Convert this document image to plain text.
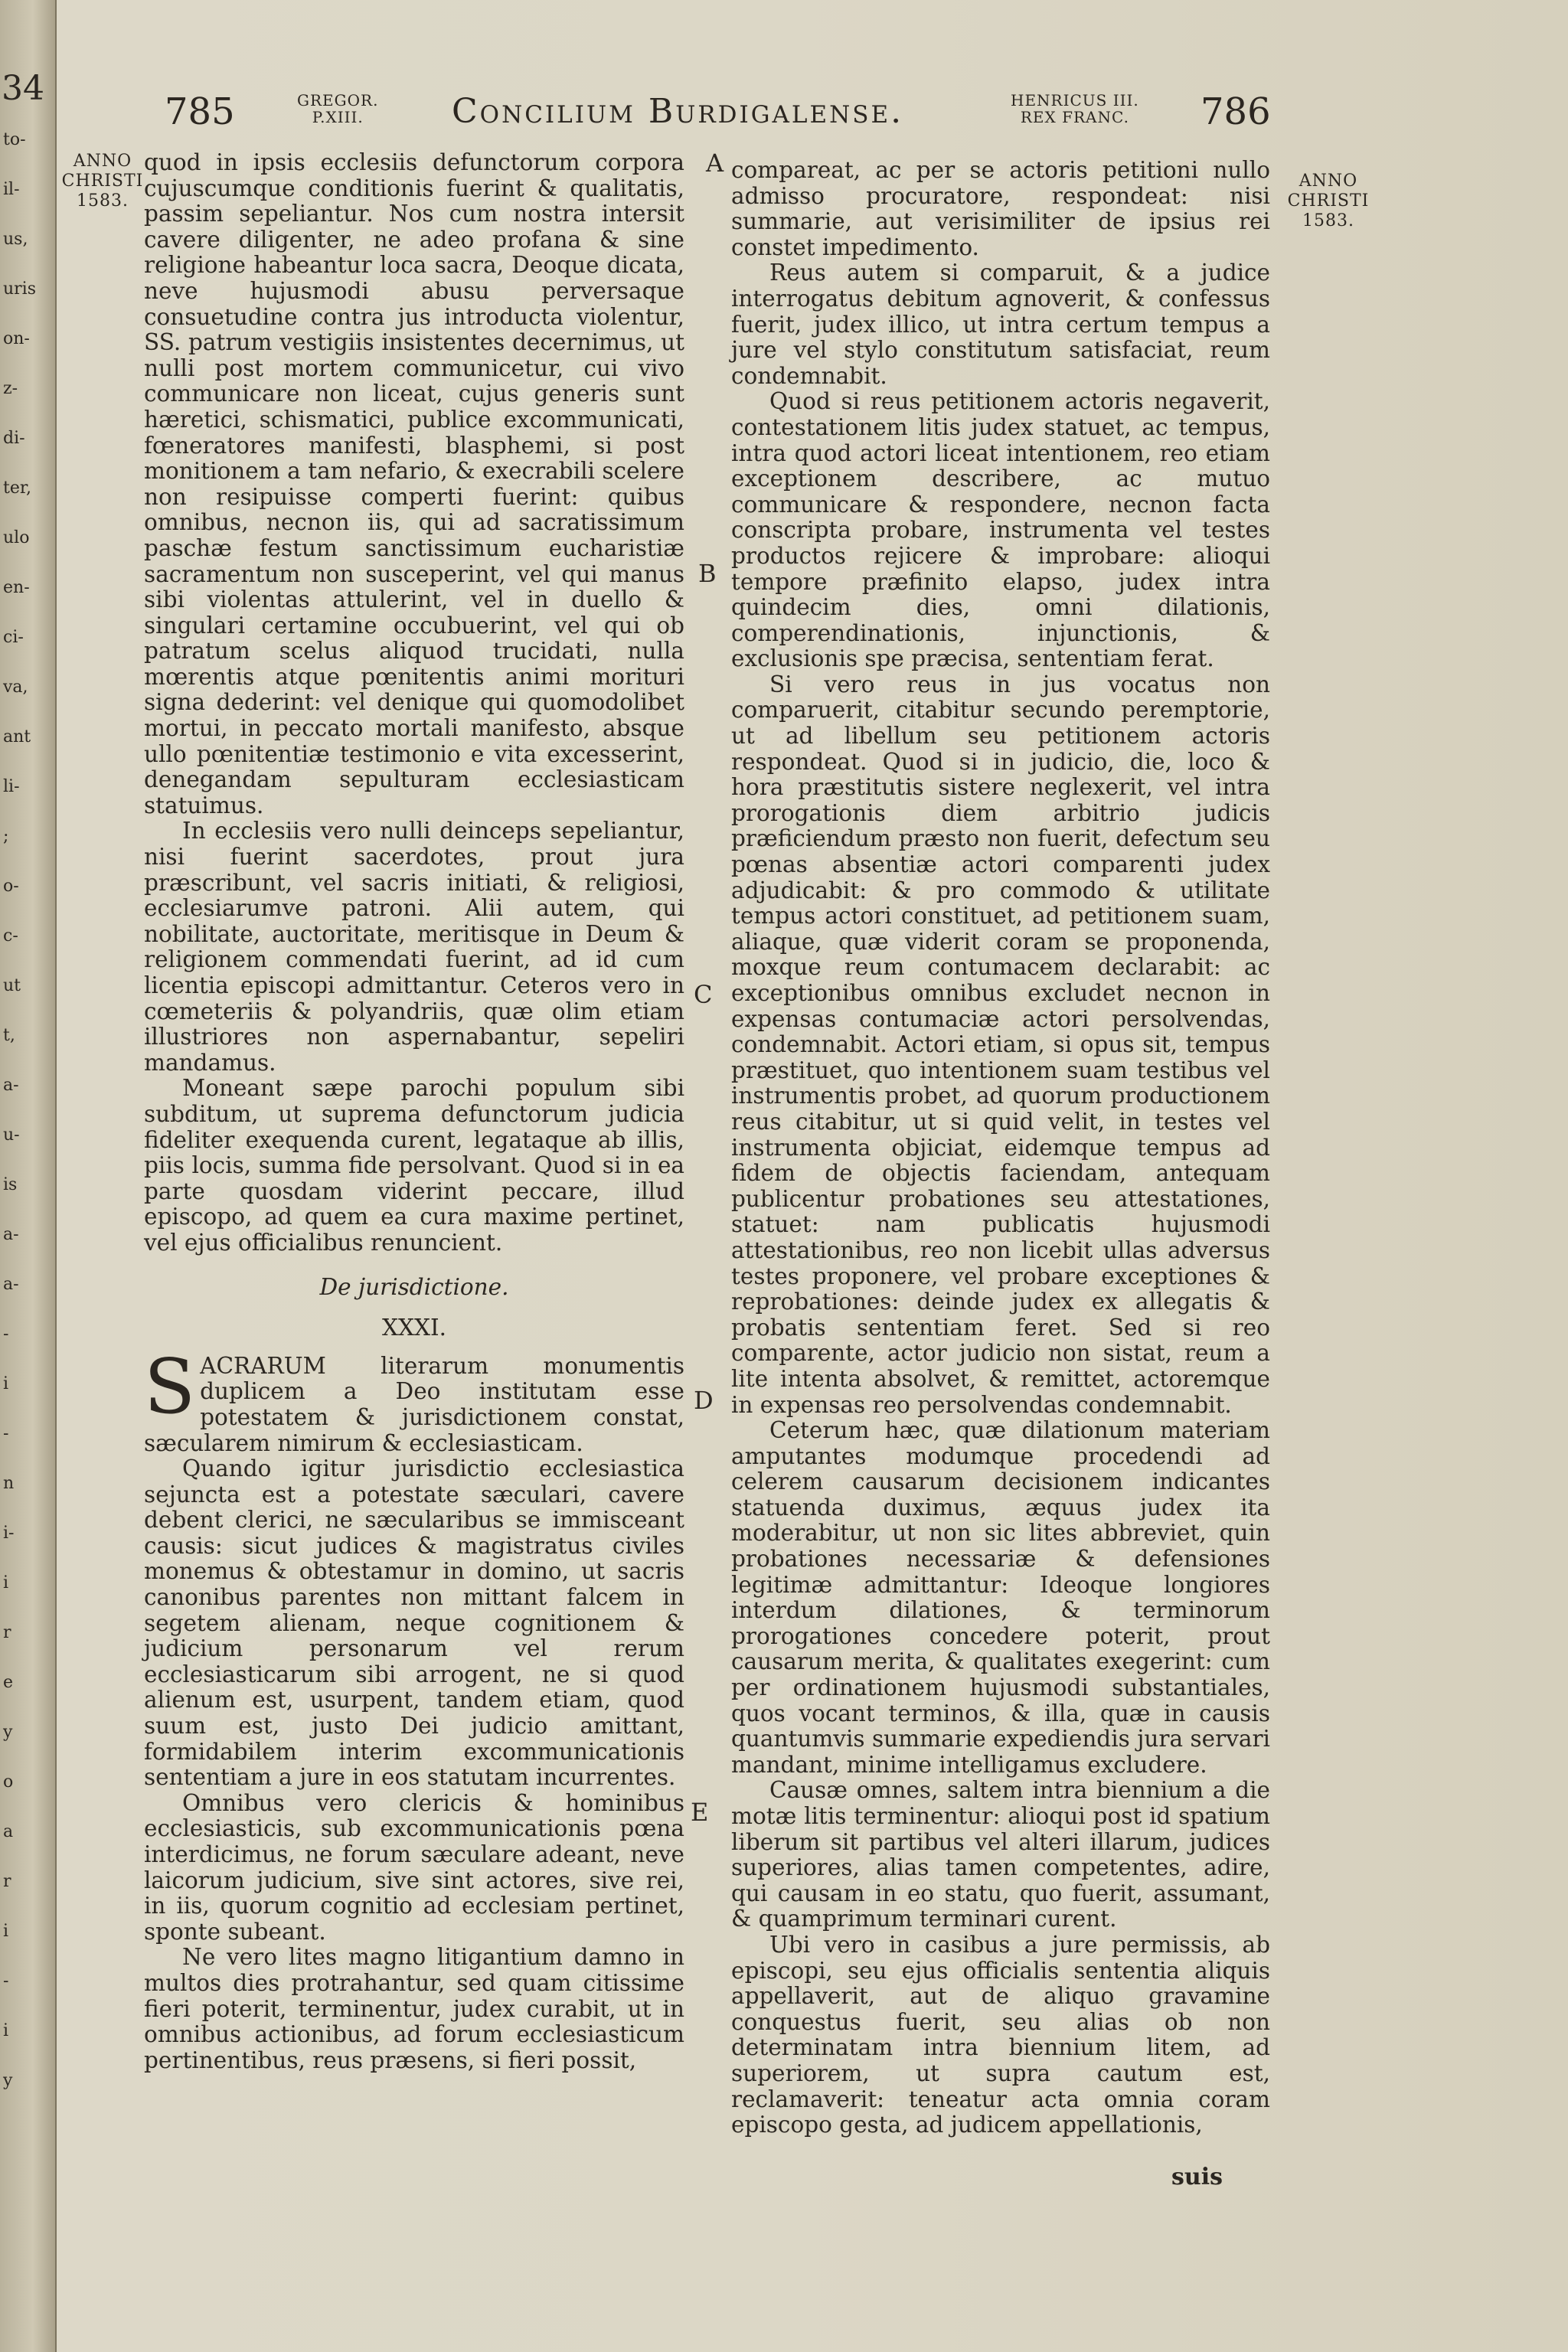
34
to-
il-
us,
uris
on-
z-
di-
ter,
ulo
en-
ci-
va,
ant
li-
;
o-
c-
ut
t,
a-
u-
is
a-
a-
-
i
-
n
i-
i
r
e
y
o
a
r
i
-
i
y
785	GREGOR.
P.XIII.	Concilium Burdigalense.	HENRICUS III.
REX FRANC. 786
ANNO
CHRISTI
1583.
ANNO
CHRISTI
1583.
A
B
C
D
E

quod in ipsis ecclesiis defunctorum corpora cujuscumque conditionis fuerint & qualitatis, passim sepeliantur. Nos cum nostra intersit cavere diligenter, ne adeo profana & sine religione habeantur loca sacra, Deoque dicata, neve hujusmodi abusu perversaque consuetudine contra jus introducta violentur, SS. patrum vestigiis insistentes decernimus, ut nulli post mortem communicetur, cui vivo communicare non liceat, cujus generis sunt hæretici, schismatici, publice excommunicati, fœneratores manifesti, blasphemi, si post monitionem a tam nefario, & execrabili scelere non resipuisse comperti fuerint: quibus omnibus, necnon iis, qui ad sacratissimum paschæ festum sanctissimum eucharistiæ sacramentum non susceperint, vel qui manus sibi violentas attulerint, vel in duello & singulari certamine occubuerint, vel qui ob patratum scelus aliquod trucidati, nulla mœrentis atque pœnitentis animi morituri signa dederint: vel denique qui quomodolibet mortui, in peccato mortali manifesto, absque ullo pœnitentiæ testimonio e vita excesserint, denegandam sepulturam ecclesiasticam statuimus.

In ecclesiis vero nulli deinceps sepeliantur, nisi fuerint sacerdotes, prout jura præscribunt, vel sacris initiati, & religiosi, ecclesiarumve patroni. Alii autem, qui nobilitate, auctoritate, meritisque in Deum & religionem commendati fuerint, ad id cum licentia episcopi admittantur. Ceteros vero in cœmeteriis & polyandriis, quæ olim etiam illustriores non aspernabantur, sepeliri mandamus.

Moneant sæpe parochi populum sibi subditum, ut suprema defunctorum judicia fideliter exequenda curent, legataque ab illis, piis locis, summa fide persolvant. Quod si in ea parte quosdam viderint peccare, illud episcopo, ad quem ea cura maxime pertinet, vel ejus officialibus renuncient.

De jurisdictione.

XXXI.

SACRARUM literarum monumentis duplicem a Deo institutam esse potestatem & jurisdictionem constat, sæcularem nimirum & ecclesiasticam.

Quando igitur jurisdictio ecclesiastica sejuncta est a potestate sæculari, cavere debent clerici, ne sæcularibus se immisceant causis: sicut judices & magistratus civiles monemus & obtestamur in domino, ut sacris canonibus parentes non mittant falcem in segetem alienam, neque cognitionem & judicium personarum vel rerum ecclesiasticarum sibi arrogent, ne si quod alienum est, usurpent, tandem etiam, quod suum est, justo Dei judicio amittant, formidabilem interim excommunicationis sententiam a jure in eos statutam incurrentes.

Omnibus vero clericis & hominibus ecclesiasticis, sub excommunicationis pœna interdicimus, ne forum sæculare adeant, neve laicorum judicium, sive sint actores, sive rei, in iis, quorum cognitio ad ecclesiam pertinet, sponte subeant.

Ne vero lites magno litigantium damno in multos dies protrahantur, sed quam citissime fieri poterit, terminentur, judex curabit, ut in omnibus actionibus, ad forum ecclesiasticum pertinentibus, reus præsens, si fieri possit,

compareat, ac per se actoris petitioni nullo admisso procuratore, respondeat: nisi summarie, aut verisimiliter de ipsius rei constet impedimento.

Reus autem si comparuit, & a judice interrogatus debitum agnoverit, & confessus fuerit, judex illico, ut intra certum tempus a jure vel stylo constitutum satisfaciat, reum condemnabit.

Quod si reus petitionem actoris negaverit, contestationem litis judex statuet, ac tempus, intra quod actori liceat intentionem, reo etiam exceptionem describere, ac mutuo communicare & respondere, necnon facta conscripta probare, instrumenta vel testes productos rejicere & improbare: alioqui tempore præfinito elapso, judex intra quindecim dies, omni dilationis, comperendinationis, injunctionis, & exclusionis spe præcisa, sententiam ferat.

Si vero reus in jus vocatus non comparuerit, citabitur secundo peremptorie, ut ad libellum seu petitionem actoris respondeat. Quod si in judicio, die, loco & hora præstitutis sistere neglexerit, vel intra prorogationis diem arbitrio judicis præficiendum præsto non fuerit, defectum seu pœnas absentiæ actori comparenti judex adjudicabit: & pro commodo & utilitate tempus actori constituet, ad petitionem suam, aliaque, quæ viderit coram se proponenda, moxque reum contumacem declarabit: ac exceptionibus omnibus excludet necnon in expensas contumaciæ actori persolvendas, condemnabit. Actori etiam, si opus sit, tempus præstituet, quo intentionem suam testibus vel instrumentis probet, ad quorum productionem reus citabitur, ut si quid velit, in testes vel instrumenta objiciat, eidemque tempus ad fidem de objectis faciendam, antequam publicentur probationes seu attestationes, statuet: nam publicatis hujusmodi attestationibus, reo non licebit ullas adversus testes proponere, vel probare exceptiones & reprobationes: deinde judex ex allegatis & probatis sententiam feret. Sed si reo comparente, actor judicio non sistat, reum a lite intenta absolvet, & remittet, actoremque in expensas reo persolvendas condemnabit.

Ceterum hæc, quæ dilationum materiam amputantes modumque procedendi ad celerem causarum decisionem indicantes statuenda duximus, æquus judex ita moderabitur, ut non sic lites abbreviet, quin probationes necessariæ & defensiones legitimæ admittantur: Ideoque longiores interdum dilationes, & terminorum prorogationes concedere poterit, prout causarum merita, & qualitates exegerint: cum per ordinationem hujusmodi substantiales, quos vocant terminos, & illa, quæ in causis quantumvis summarie expediendis jura servari mandant, minime intelligamus excludere.

Causæ omnes, saltem intra biennium a die motæ litis terminentur: alioqui post id spatium liberum sit partibus vel alteri illarum, judices superiores, alias tamen competentes, adire, qui causam in eo statu, quo fuerit, assumant, & quamprimum terminari curent.

Ubi vero in casibus a jure permissis, ab episcopi, seu ejus officialis sententia aliquis appellaverit, aut de aliquo gravamine conquestus fuerit, seu alias ob non determinatam intra biennium litem, ad superiorem, ut supra cautum est, reclamaverit: teneatur acta omnia coram episcopo gesta, ad judicem appellationis,

suis
